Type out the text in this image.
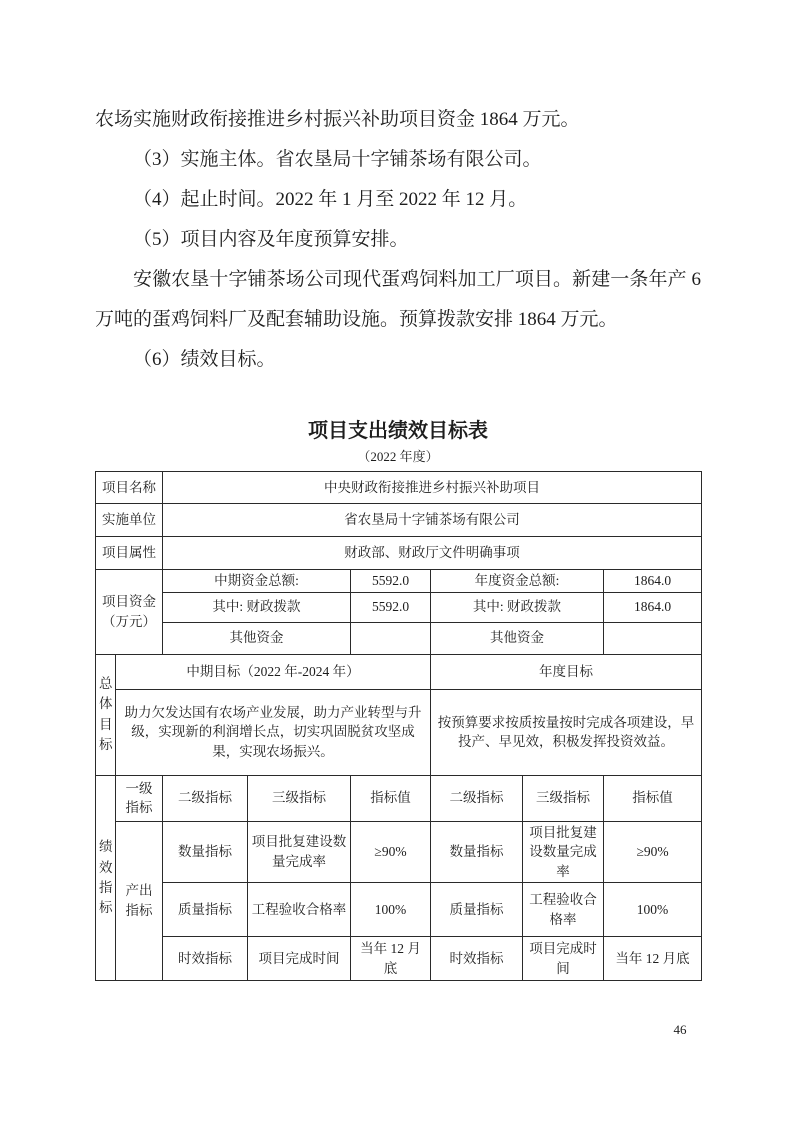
农场实施财政衔接推进乡村振兴补助项目资金 1864 万元。

（3）实施主体。省农垦局十字铺茶场有限公司。

（4）起止时间。2022 年 1 月至 2022 年 12 月。

（5）项目内容及年度预算安排。

安徽农垦十字铺茶场公司现代蛋鸡饲料加工厂项目。新建一条年产 6 万吨的蛋鸡饲料厂及配套辅助设施。预算拨款安排 1864 万元。

（6）绩效目标。

项目支出绩效目标表
（2022 年度）
项目名称		中央财政衔接推进乡村振兴补助项目					
实施单位		省农垦局十字铺茶场有限公司					
项目属性		财政部、财政厅文件明确事项					
项目资金（万元）		中期资金总额:		5592.0	年度资金总额:		1864.0
		其中: 财政拨款		5592.0	其中: 财政拨款		1864.0
		其他资金			其他资金		
总体目标	中期目标（2022 年-2024 年）				年度目标		
	助力欠发达国有农场产业发展，助力产业转型与升级，实现新的利润增长点，切实巩固脱贫攻坚成果，实现农场振兴。				按预算要求按质按量按时完成各项建设，早投产、早见效，积极发挥投资效益。		
绩效指标	一级指标	二级指标	三级指标	指标值	二级指标	三级指标	指标值
	产出指标	数量指标	项目批复建设数量完成率	≥90%	数量指标	项目批复建设数量完成率	≥90%
		质量指标	工程验收合格率	100%	质量指标	工程验收合格率	100%
		时效指标	项目完成时间	当年 12 月底	时效指标	项目完成时间	当年 12 月底
46
